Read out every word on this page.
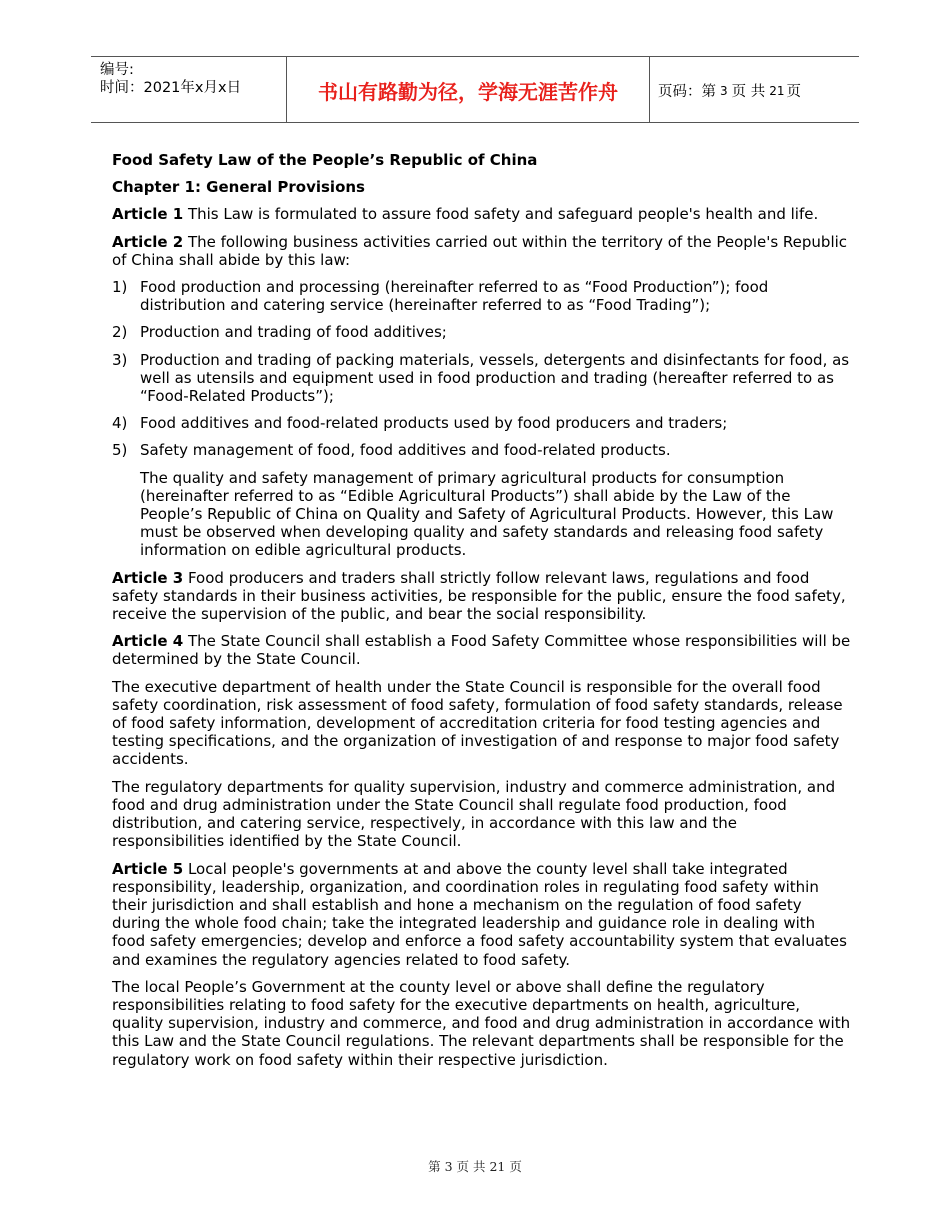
编号:
时间：2021年x月x日	书山有路勤为径，学海无涯苦作舟	页码：第 3 页 共 21 页

Food Safety Law of the People’s Republic of China

Chapter 1: General Provisions

Article 1 This Law is formulated to assure food safety and safeguard people's health and life.

Article 2 The following business activities carried out within the territory of the People's Republic of China shall abide by this law:

1) Food production and processing (hereinafter referred to as “Food Production”); food distribution and catering service (hereinafter referred to as “Food Trading”);
2) Production and trading of food additives;
3) Production and trading of packing materials, vessels, detergents and disinfectants for food, as well as utensils and equipment used in food production and trading (hereafter referred to as “Food-Related Products”);
4) Food additives and food-related products used by food producers and traders;
5) Safety management of food, food additives and food-related products.

The quality and safety management of primary agricultural products for consumption (hereinafter referred to as “Edible Agricultural Products”) shall abide by the Law of the People’s Republic of China on Quality and Safety of Agricultural Products. However, this Law must be observed when developing quality and safety standards and releasing food safety information on edible agricultural products.

Article 3 Food producers and traders shall strictly follow relevant laws, regulations and food safety standards in their business activities, be responsible for the public, ensure the food safety, receive the supervision of the public, and bear the social responsibility.

Article 4 The State Council shall establish a Food Safety Committee whose responsibilities will be determined by the State Council.

The executive department of health under the State Council is responsible for the overall food safety coordination, risk assessment of food safety, formulation of food safety standards, release of food safety information, development of accreditation criteria for food testing agencies and testing specifications, and the organization of investigation of and response to major food safety accidents.

The regulatory departments for quality supervision, industry and commerce administration, and food and drug administration under the State Council shall regulate food production, food distribution, and catering service, respectively, in accordance with this law and the responsibilities identified by the State Council.

Article 5 Local people's governments at and above the county level shall take integrated responsibility, leadership, organization, and coordination roles in regulating food safety within their jurisdiction and shall establish and hone a mechanism on the regulation of food safety during the whole food chain; take the integrated leadership and guidance role in dealing with food safety emergencies; develop and enforce a food safety accountability system that evaluates and examines the regulatory agencies related to food safety.

The local People’s Government at the county level or above shall define the regulatory responsibilities relating to food safety for the executive departments on health, agriculture, quality supervision, industry and commerce, and food and drug administration in accordance with this Law and the State Council regulations. The relevant departments shall be responsible for the regulatory work on food safety within their respective jurisdiction.

第 3 页 共 21 页
